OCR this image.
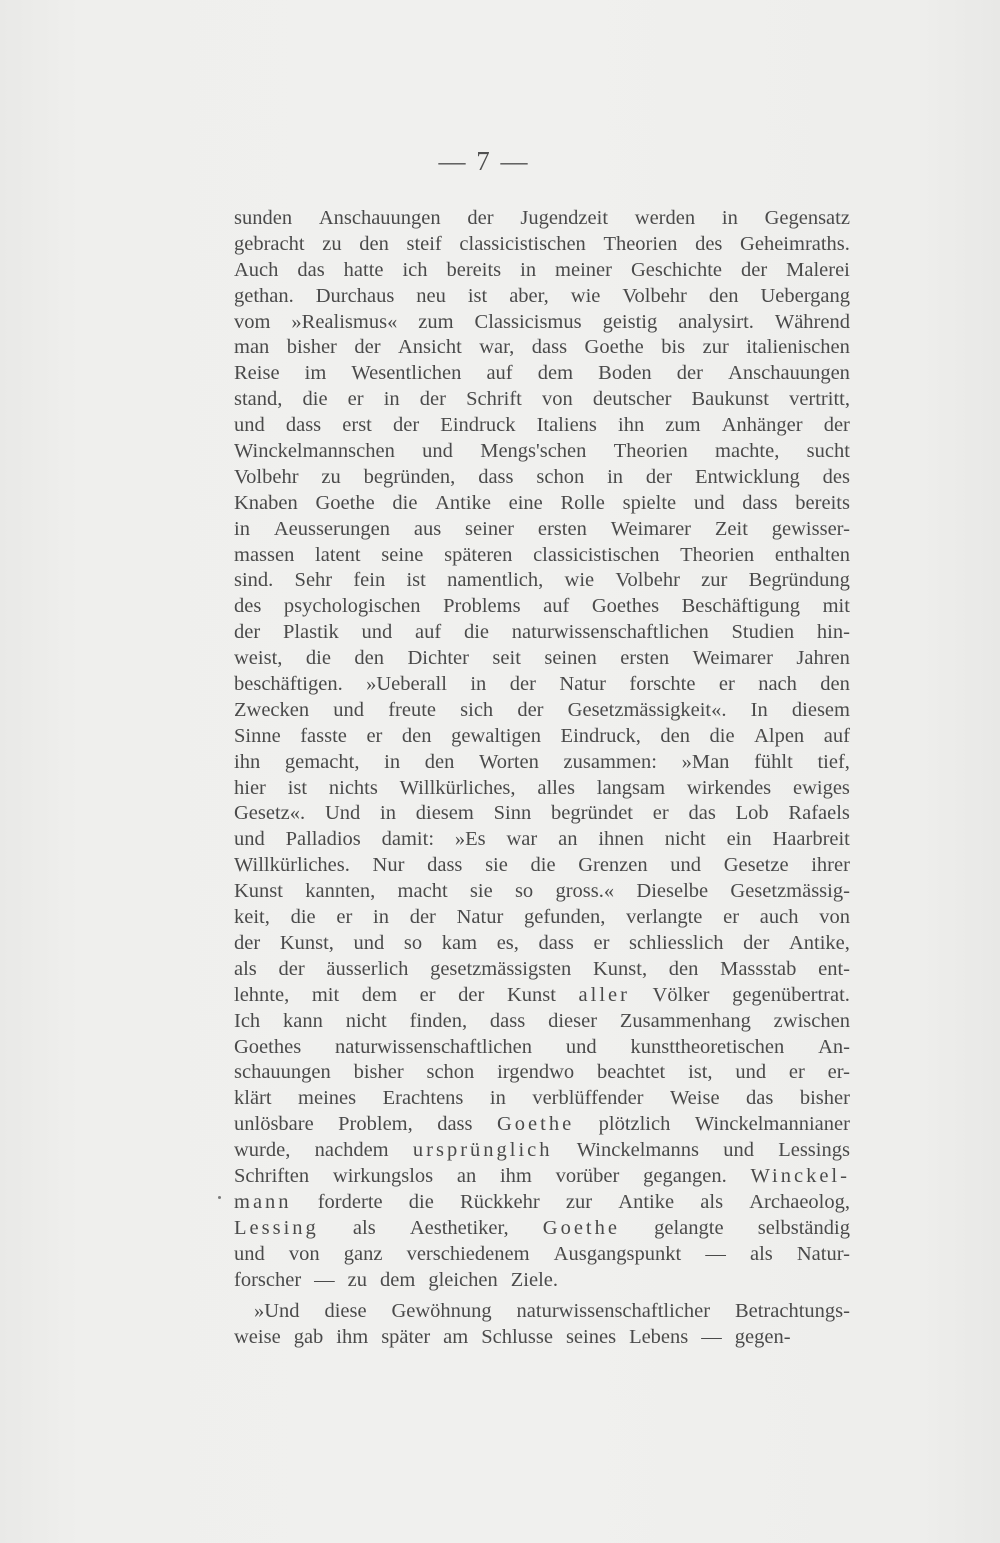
— 7 —
sunden Anschauungen der Jugendzeit werden in Gegensatz
gebracht zu den steif classicistischen Theorien des Geheimraths.
Auch das hatte ich bereits in meiner Geschichte der Malerei
gethan. Durchaus neu ist aber, wie Volbehr den Uebergang
vom »Realismus« zum Classicismus geistig analysirt. Während
man bisher der Ansicht war, dass Goethe bis zur italienischen
Reise im Wesentlichen auf dem Boden der Anschauungen
stand, die er in der Schrift von deutscher Baukunst vertritt,
und dass erst der Eindruck Italiens ihn zum Anhänger der
Winckelmannschen und Mengs'schen Theorien machte, sucht
Volbehr zu begründen, dass schon in der Entwicklung des
Knaben Goethe die Antike eine Rolle spielte und dass bereits
in Aeusserungen aus seiner ersten Weimarer Zeit gewisser-
massen latent seine späteren classicistischen Theorien enthalten
sind. Sehr fein ist namentlich, wie Volbehr zur Begründung
des psychologischen Problems auf Goethes Beschäftigung mit
der Plastik und auf die naturwissenschaftlichen Studien hin-
weist, die den Dichter seit seinen ersten Weimarer Jahren
beschäftigen. »Ueberall in der Natur forschte er nach den
Zwecken und freute sich der Gesetzmässigkeit«. In diesem
Sinne fasste er den gewaltigen Eindruck, den die Alpen auf
ihn gemacht, in den Worten zusammen: »Man fühlt tief,
hier ist nichts Willkürliches, alles langsam wirkendes ewiges
Gesetz«. Und in diesem Sinn begründet er das Lob Rafaels
und Palladios damit: »Es war an ihnen nicht ein Haarbreit
Willkürliches. Nur dass sie die Grenzen und Gesetze ihrer
Kunst kannten, macht sie so gross.« Dieselbe Gesetzmässig-
keit, die er in der Natur gefunden, verlangte er auch von
der Kunst, und so kam es, dass er schliesslich der Antike,
als der äusserlich gesetzmässigsten Kunst, den Massstab ent-
lehnte, mit dem er der Kunst aller Völker gegenübertrat.
Ich kann nicht finden, dass dieser Zusammenhang zwischen
Goethes naturwissenschaftlichen und kunsttheoretischen An-
schauungen bisher schon irgendwo beachtet ist, und er er-
klärt meines Erachtens in verblüffender Weise das bisher
unlösbare Problem, dass Goethe plötzlich Winckelmannianer
wurde, nachdem ursprünglich Winckelmanns und Lessings
Schriften wirkungslos an ihm vorüber gegangen. Winckel-
mann forderte die Rückkehr zur Antike als Archaeolog,
Lessing als Aesthetiker, Goethe gelangte selbständig
und von ganz verschiedenem Ausgangspunkt — als Natur-
forscher — zu dem gleichen Ziele.
»Und diese Gewöhnung naturwissenschaftlicher Betrachtungs-
weise gab ihm später am Schlusse seines Lebens — gegen-
